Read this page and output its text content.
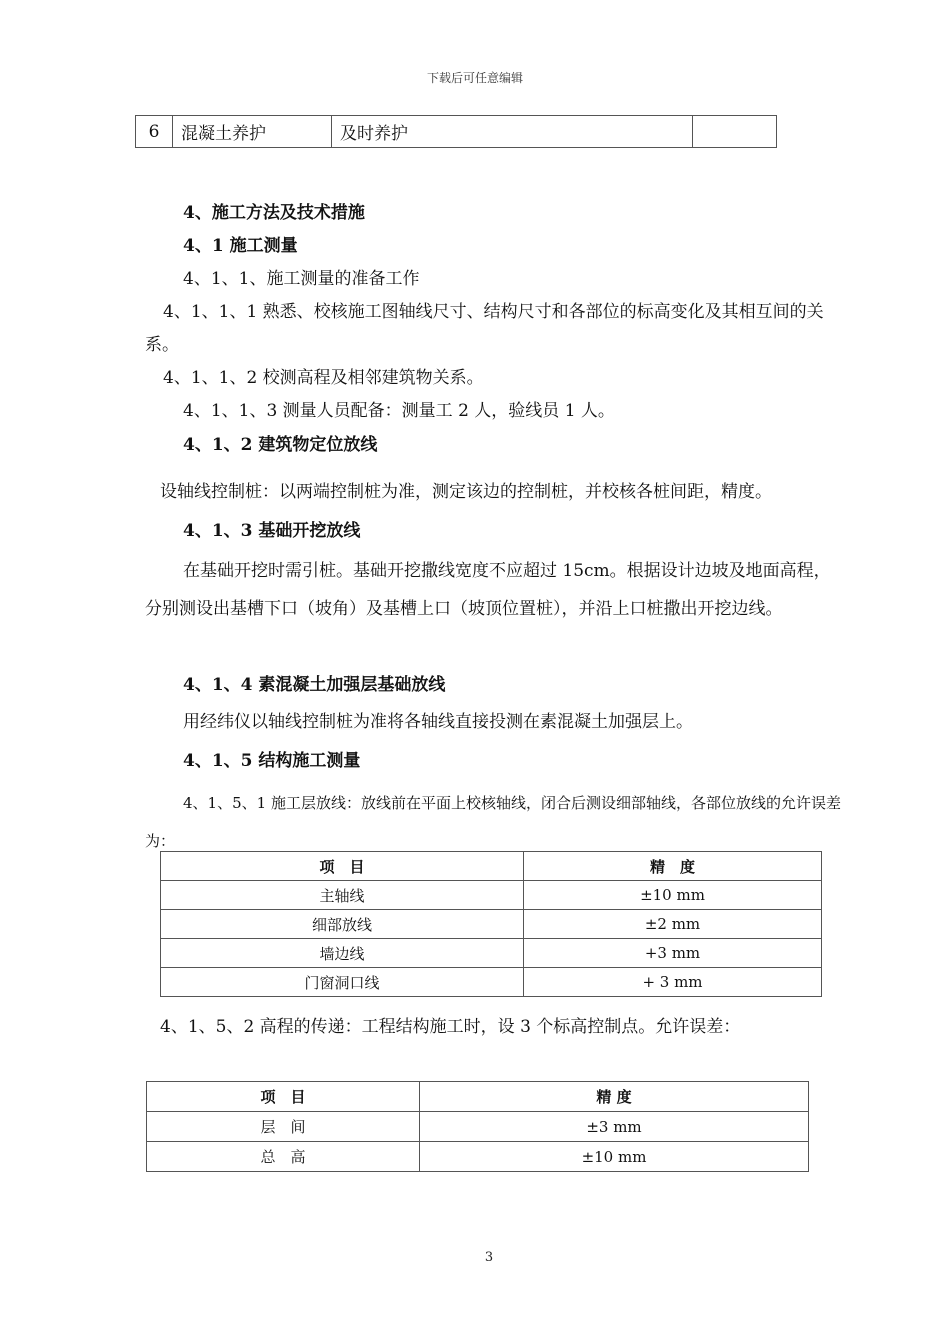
下载后可任意编辑
6	混凝土养护	及时养护	
4、施工方法及技术措施
4、1 施工测量
4、1、1、施工测量的准备工作
4、1、1、1 熟悉、校核施工图轴线尺寸、结构尺寸和各部位的标高变化及其相互间的关系。
4、1、1、2 校测高程及相邻建筑物关系。
4、1、1、3 测量人员配备：测量工 2 人，验线员 1 人。
4、1、2 建筑物定位放线
设轴线控制桩：以两端控制桩为准，测定该边的控制桩，并校核各桩间距，精度。
4、1、3 基础开挖放线
在基础开挖时需引桩。基础开挖撒线宽度不应超过 15cm。根据设计边坡及地面高程，分别测设出基槽下口（坡角）及基槽上口（坡顶位置桩），并沿上口桩撒出开挖边线。
4、1、4 素混凝土加强层基础放线
用经纬仪以轴线控制桩为准将各轴线直接投测在素混凝土加强层上。
4、1、5 结构施工测量
4、1、5、1 施工层放线：放线前在平面上校核轴线，闭合后测设细部轴线，各部位放线的允许误差为：
项　目	精　度
主轴线	±10 mm
细部放线	±2 mm
墙边线	+3 mm
门窗洞口线	+ 3 mm
4、1、5、2 高程的传递：工程结构施工时，设 3 个标高控制点。允许误差：
项　目	精 度
层　间	±3 mm
总　高	±10 mm
3
